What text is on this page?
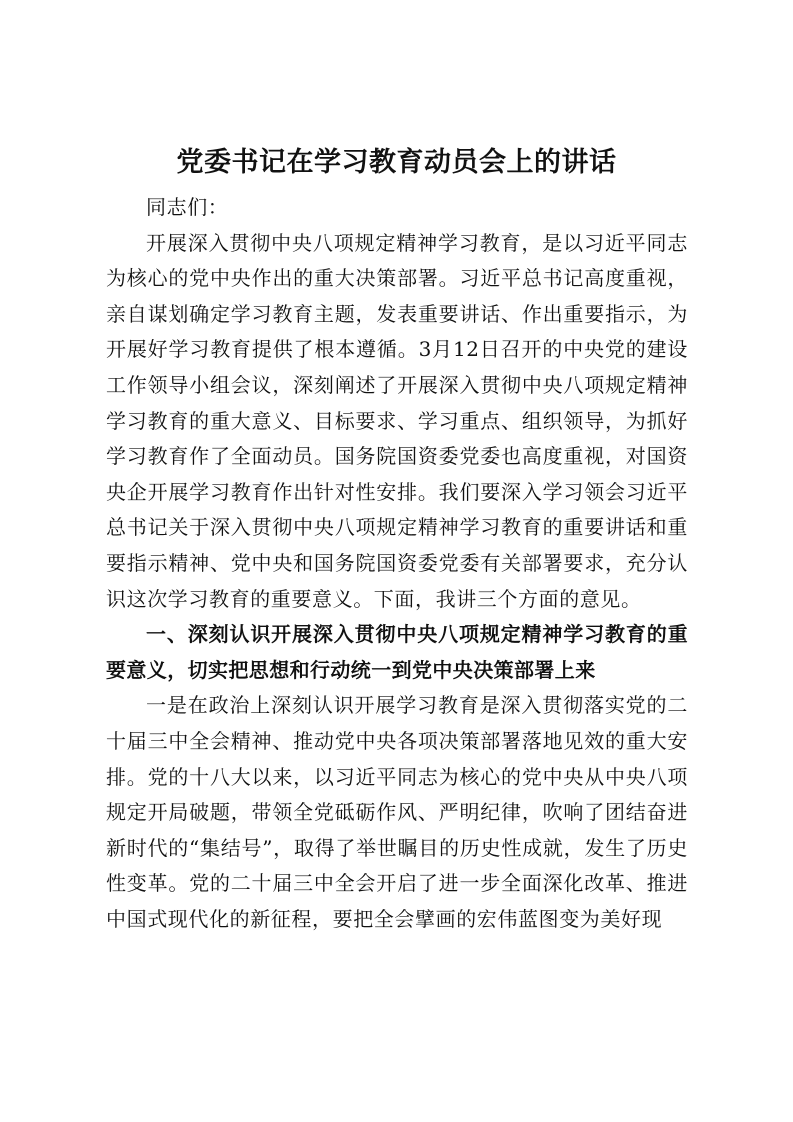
党委书记在学习教育动员会上的讲话

同志们：

开展深入贯彻中央八项规定精神学习教育，是以习近平同志为核心的党中央作出的重大决策部署。习近平总书记高度重视，亲自谋划确定学习教育主题，发表重要讲话、作出重要指示，为开展好学习教育提供了根本遵循。3月12日召开的中央党的建设工作领导小组会议，深刻阐述了开展深入贯彻中央八项规定精神学习教育的重大意义、目标要求、学习重点、组织领导，为抓好学习教育作了全面动员。国务院国资委党委也高度重视，对国资央企开展学习教育作出针对性安排。我们要深入学习领会习近平总书记关于深入贯彻中央八项规定精神学习教育的重要讲话和重要指示精神、党中央和国务院国资委党委有关部署要求，充分认识这次学习教育的重要意义。下面，我讲三个方面的意见。

一、深刻认识开展深入贯彻中央八项规定精神学习教育的重要意义，切实把思想和行动统一到党中央决策部署上来

一是在政治上深刻认识开展学习教育是深入贯彻落实党的二十届三中全会精神、推动党中央各项决策部署落地见效的重大安排。党的十八大以来，以习近平同志为核心的党中央从中央八项规定开局破题，带领全党砥砺作风、严明纪律，吹响了团结奋进新时代的“集结号”，取得了举世瞩目的历史性成就，发生了历史性变革。党的二十届三中全会开启了进一步全面深化改革、推进中国式现代化的新征程，要把全会擘画的宏伟蓝图变为美好现
